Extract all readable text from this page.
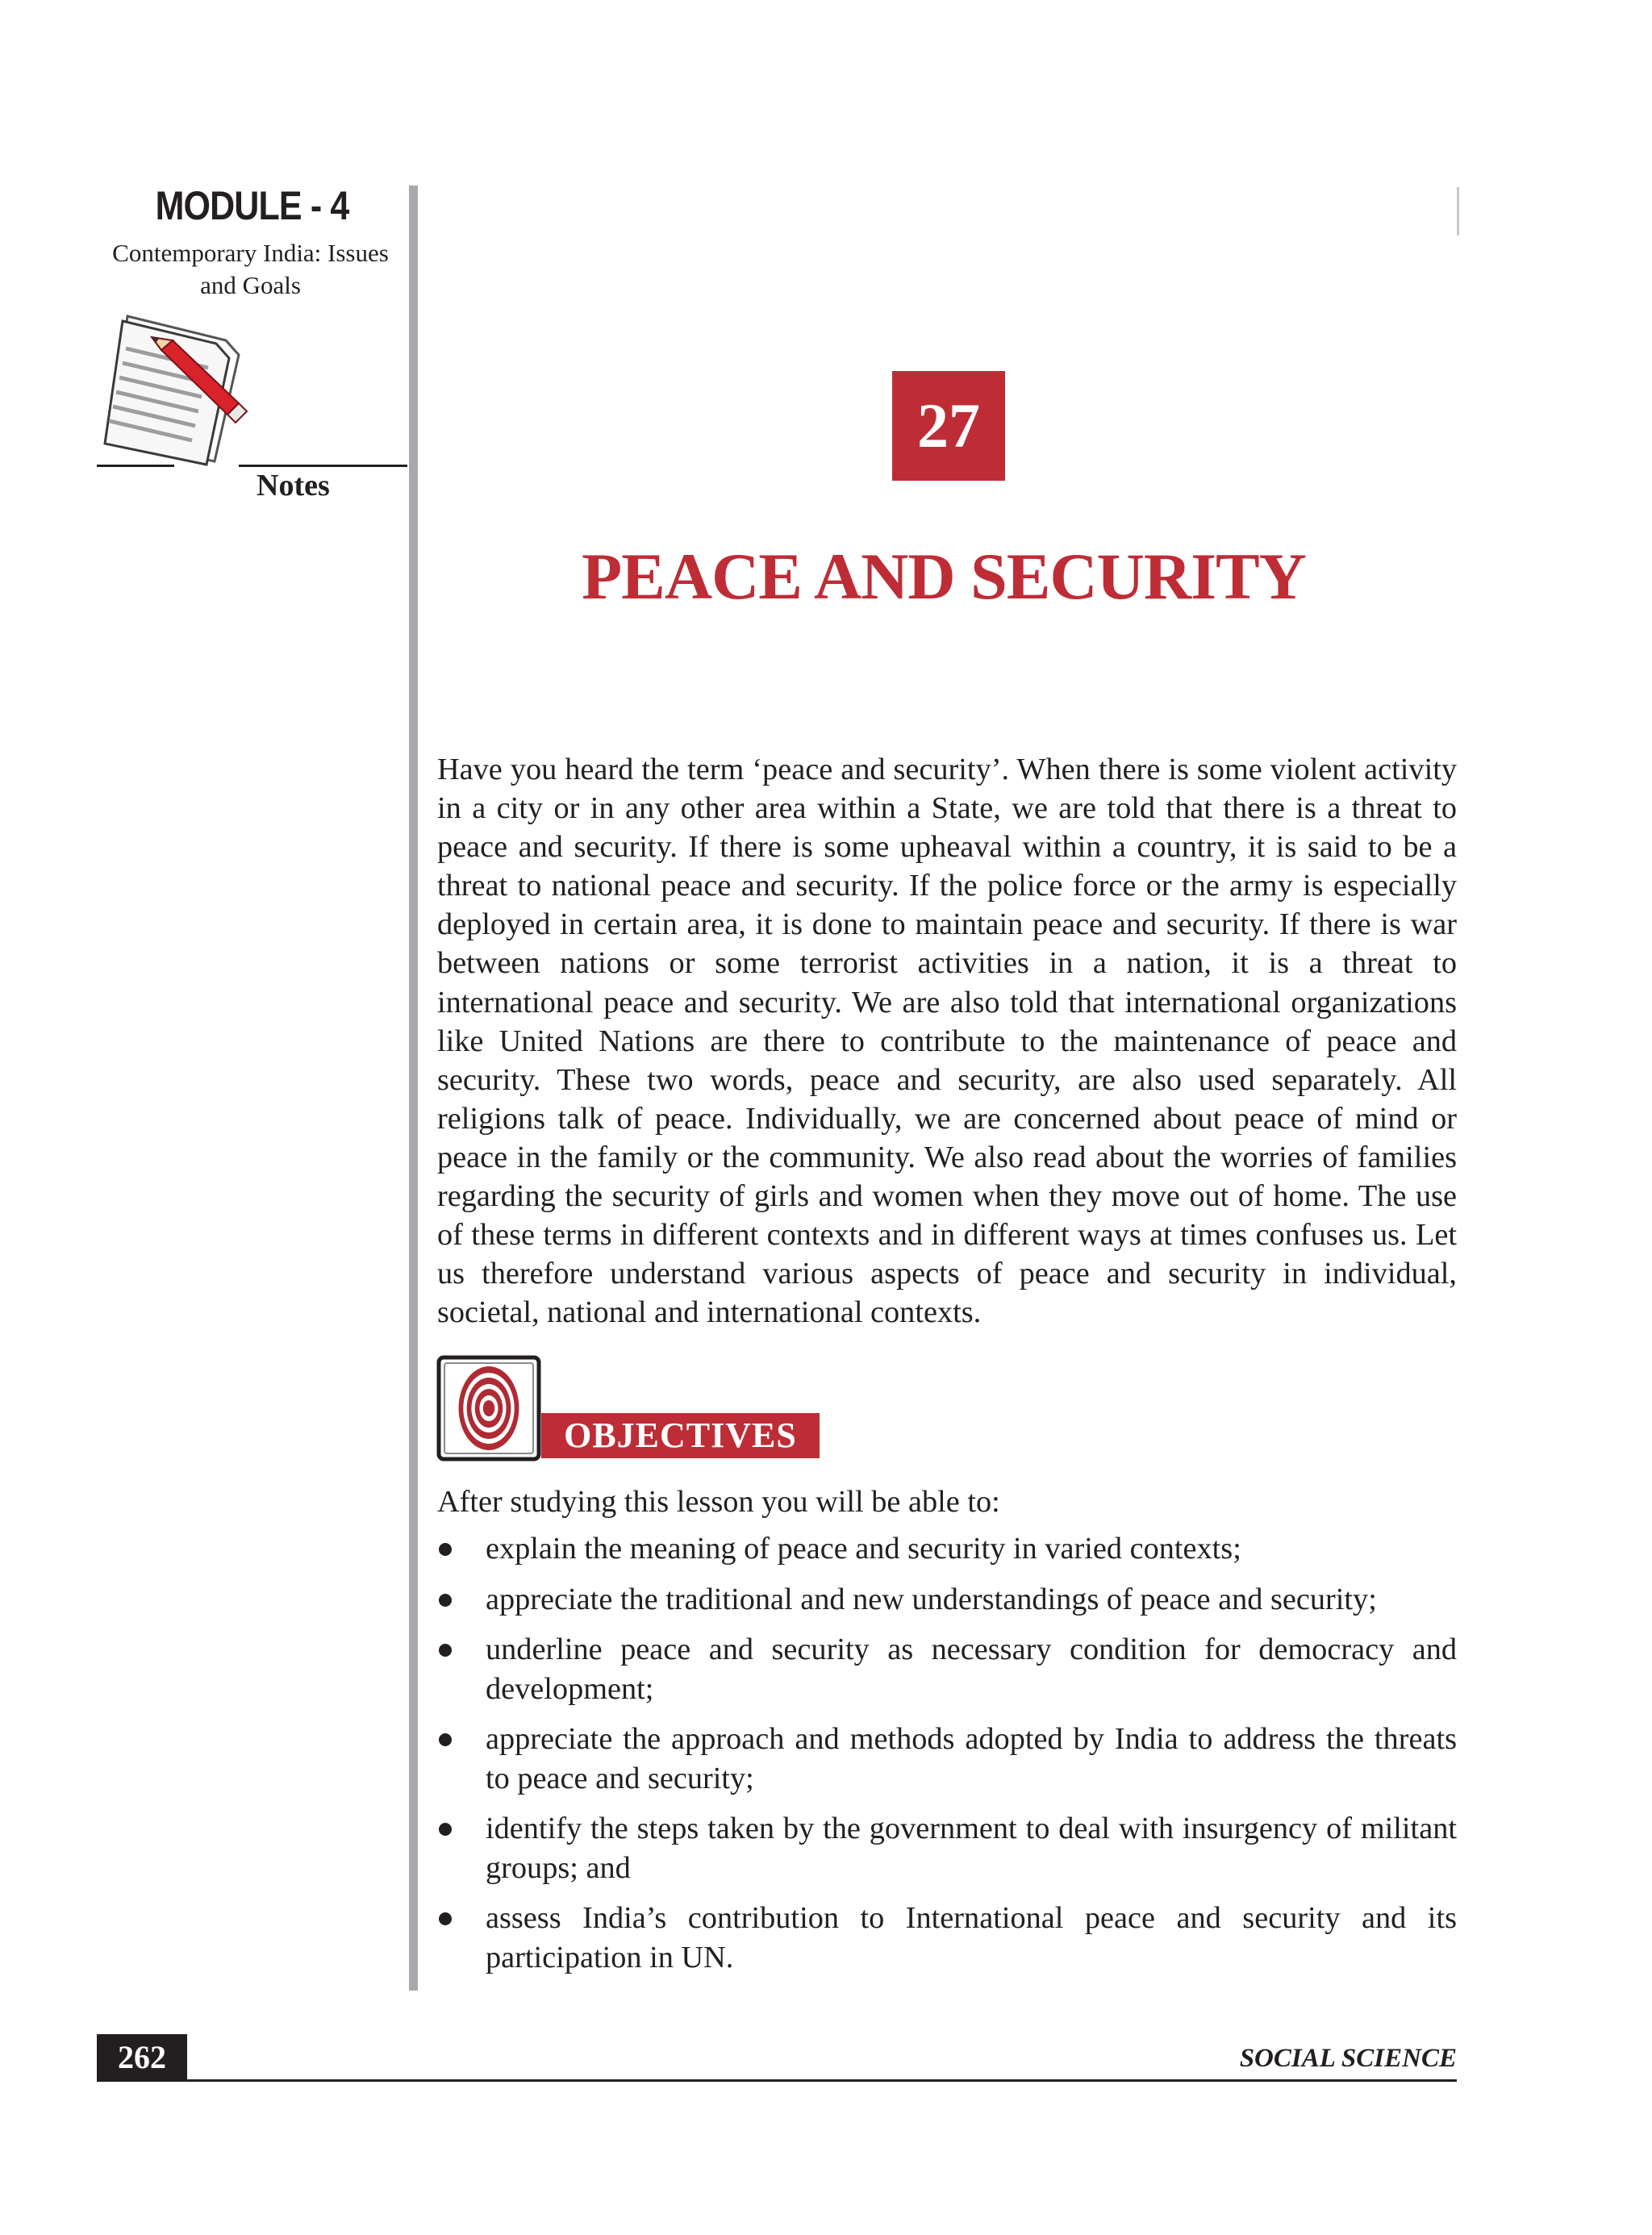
MODULE - 4
Contemporary India: Issues
and Goals
Notes
27
PEACE AND SECURITY

Have you heard the term ‘peace and security’. When there is some violent activity in a city or in any other area within a State, we are told that there is a threat to peace and security. If there is some upheaval within a country, it is said to be a threat to national peace and security. If the police force or the army is especially deployed in certain area, it is done to maintain peace and security. If there is war between nations or some terrorist activities in a nation, it is a threat to international peace and security. We are also told that international organizations like United Nations are there to contribute to the maintenance of peace and security. These two words, peace and security, are also used separately. All religions talk of peace. Individually, we are concerned about peace of mind or peace in the family or the community. We also read about the worries of families regarding the security of girls and women when they move out of home. The use of these terms in different contexts and in different ways at times confuses us. Let us therefore understand various aspects of peace and security in individual, societal, national and international contexts.

OBJECTIVES

After studying this lesson you will be able to:

explain the meaning of peace and security in varied contexts;
appreciate the traditional and new understandings of peace and security;
underline peace and security as necessary condition for democracy and development;
appreciate the approach and methods adopted by India to address the threats to peace and security;
identify the steps taken by the government to deal with insurgency of militant groups; and
assess India’s contribution to International peace and security and its participation in UN.
262	SOCIAL SCIENCE
